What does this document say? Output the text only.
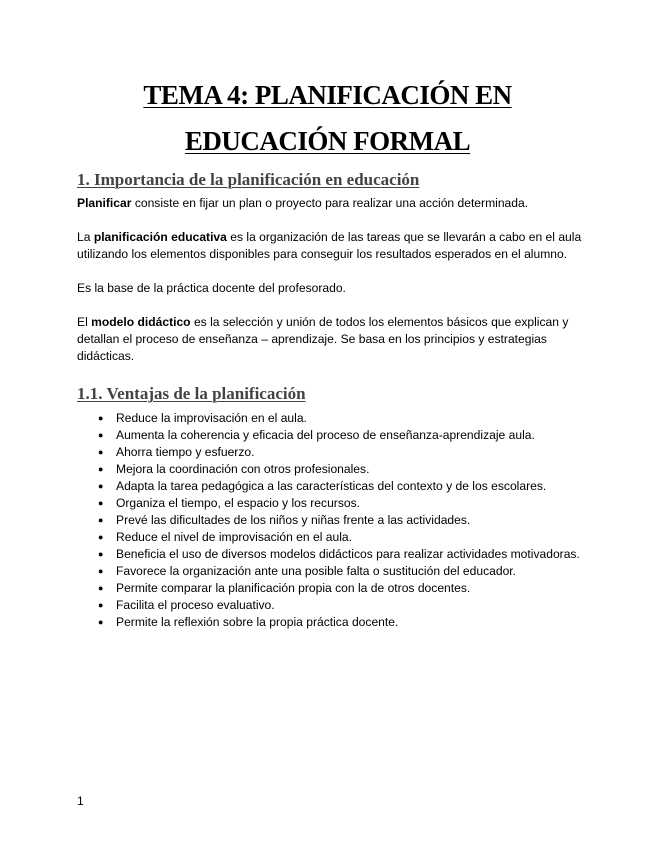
TEMA 4: PLANIFICACIÓN EN
EDUCACIÓN FORMAL
1. Importancia de la planificación en educación

Planificar consiste en fijar un plan o proyecto para realizar una acción determinada.

La planificación educativa es la organización de las tareas que se llevarán a cabo en el aula utilizando los elementos disponibles para conseguir los resultados esperados en el alumno.

Es la base de la práctica docente del profesorado.

El modelo didáctico es la selección y unión de todos los elementos básicos que explican y detallan el proceso de enseñanza – aprendizaje. Se basa en los principios y estrategias didácticas.

1.1. Ventajas de la planificación
● Reduce la improvisación en el aula.
● Aumenta la coherencia y eficacia del proceso de enseñanza-aprendizaje aula.
● Ahorra tiempo y esfuerzo.
● Mejora la coordinación con otros profesionales.
● Adapta la tarea pedagógica a las características del contexto y de los escolares.
● Organiza el tiempo, el espacio y los recursos.
● Prevé las dificultades de los niños y niñas frente a las actividades.
● Reduce el nivel de improvisación en el aula.
● Beneficia el uso de diversos modelos didácticos para realizar actividades motivadoras.
● Favorece la organización ante una posible falta o sustitución del educador.
● Permite comparar la planificación propia con la de otros docentes.
● Facilita el proceso evaluativo.
● Permite la reflexión sobre la propia práctica docente.

1
